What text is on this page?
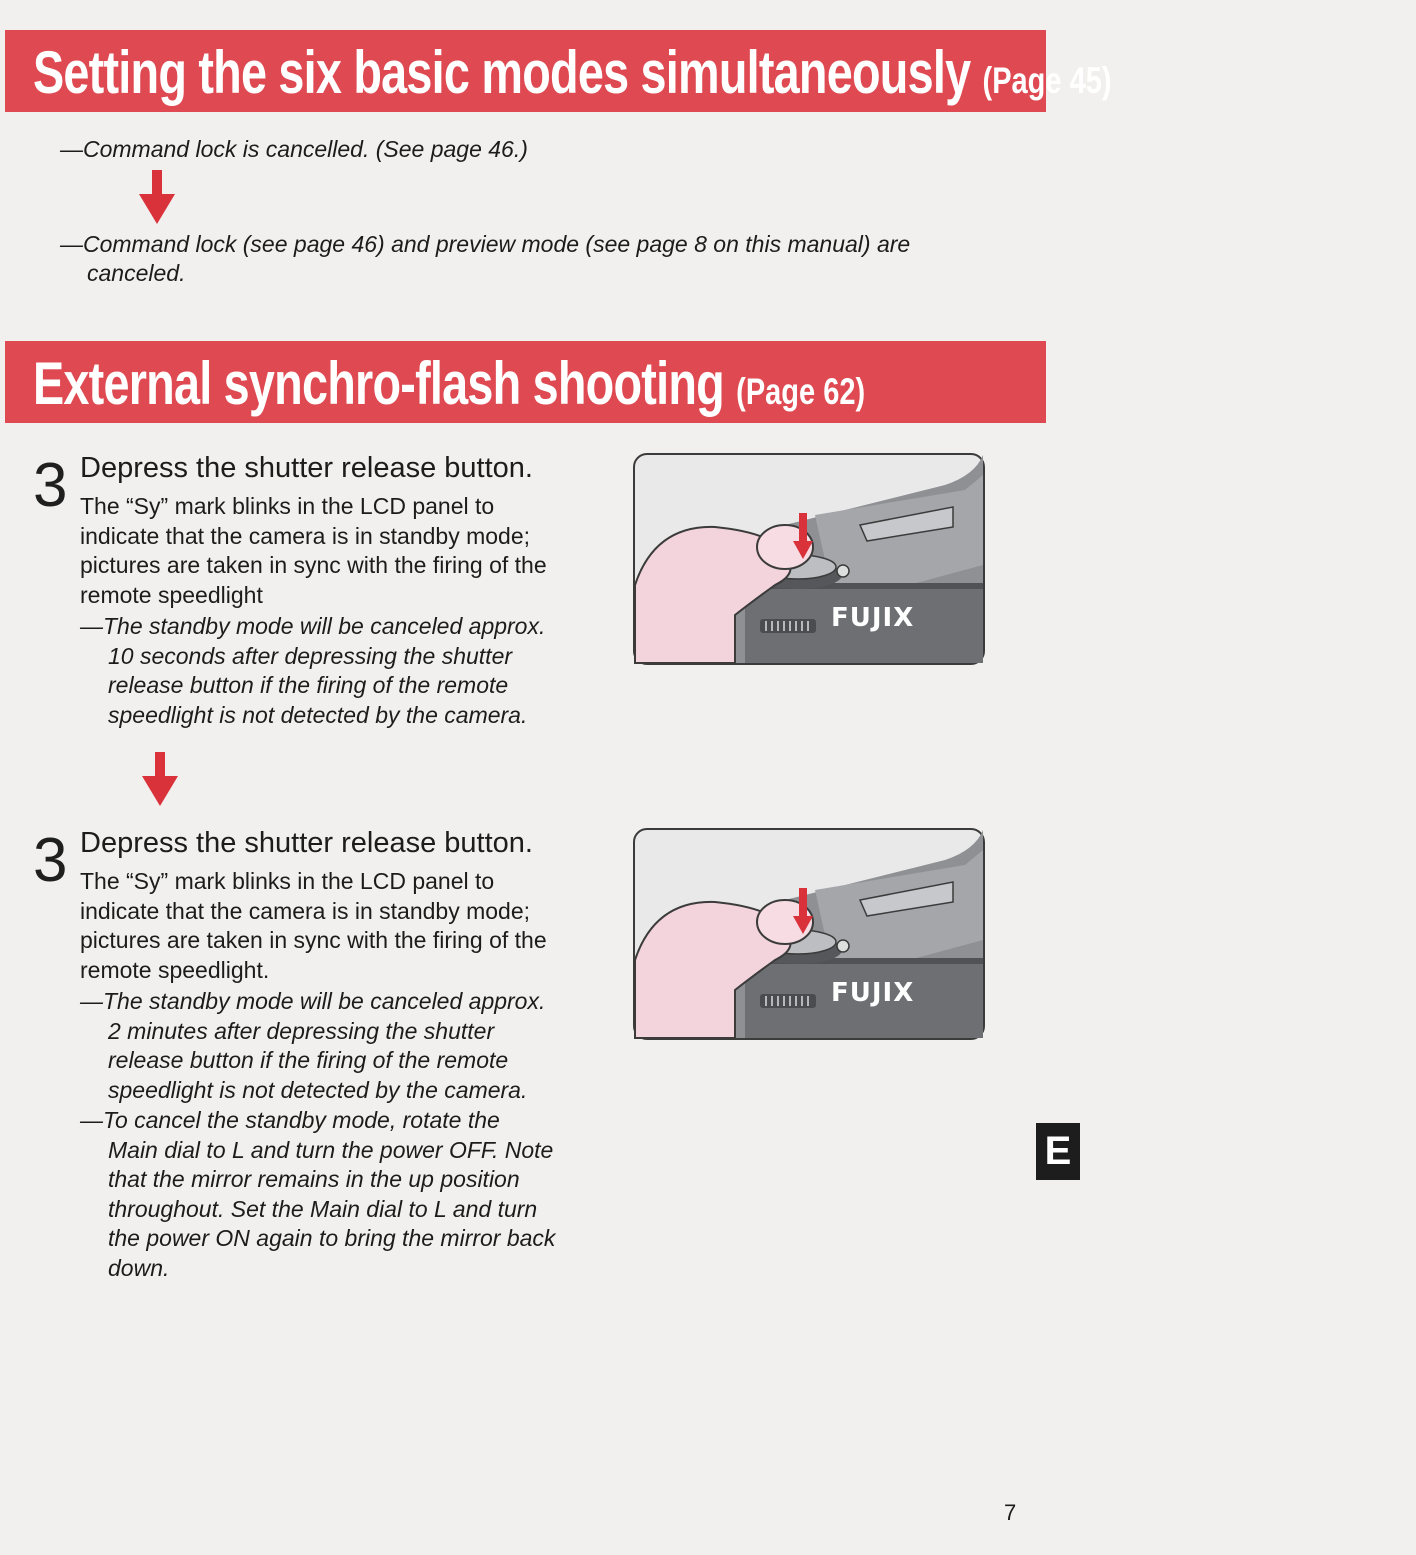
Setting the six basic modes simultaneously (Page 45)
—Command lock is cancelled. (See page 46.)
—Command lock (see page 46) and preview mode (see page 8 on this manual) are
canceled.
External synchro-flash shooting (Page 62)
3 Depress the shutter release button.
The “Sy” mark blinks in the LCD panel to
indicate that the camera is in standby mode;
pictures are taken in sync with the firing of the
remote speedlight
—The standby mode will be canceled approx.
10 seconds after depressing the shutter
release button if the firing of the remote
speedlight is not detected by the camera.
FUJIX
3 Depress the shutter release button.
The “Sy” mark blinks in the LCD panel to
indicate that the camera is in standby mode;
pictures are taken in sync with the firing of the
remote speedlight.
—The standby mode will be canceled approx.
2 minutes after depressing the shutter
release button if the firing of the remote
speedlight is not detected by the camera.
—To cancel the standby mode, rotate the
Main dial to L and turn the power OFF. Note
that the mirror remains in the up position
throughout. Set the Main dial to L and turn
the power ON again to bring the mirror back
down.
FUJIX
E
7
